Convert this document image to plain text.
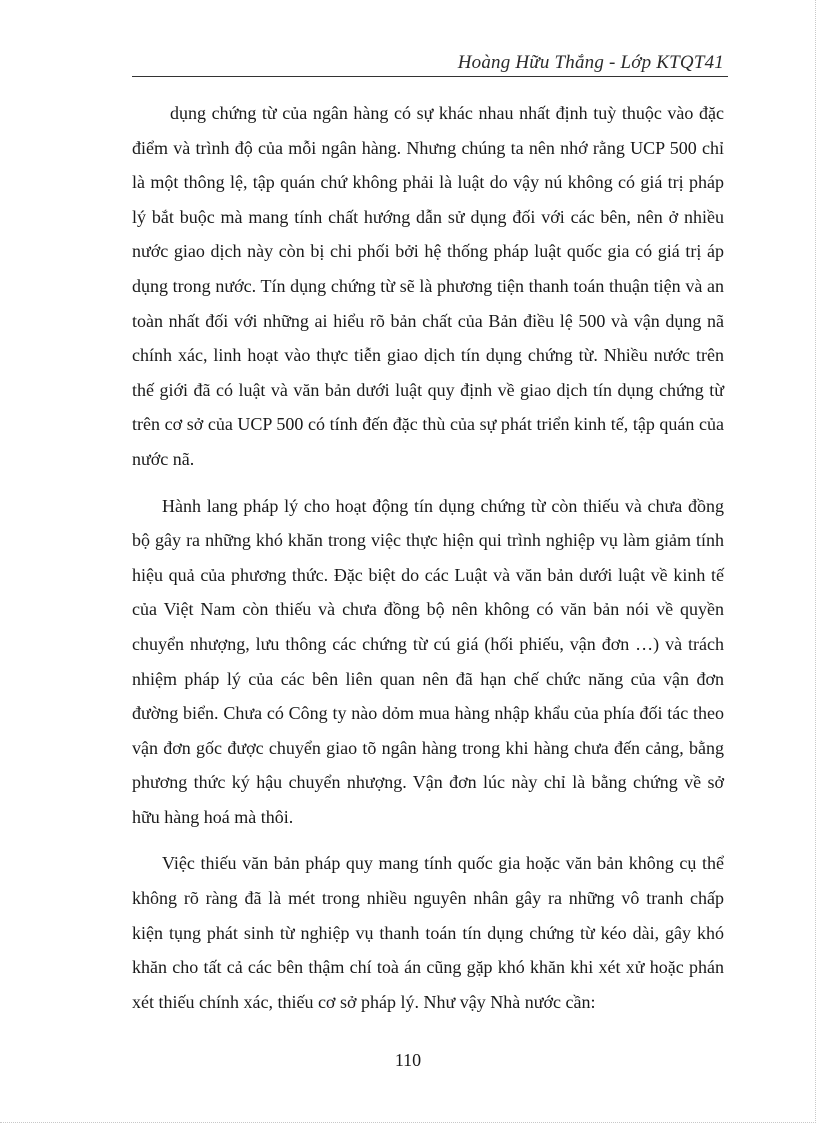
Hoàng Hữu Thắng - Lớp KTQT41

dụng chứng từ của ngân hàng có sự khác nhau nhất định tuỳ thuộc vào đặc điểm và trình độ của mỗi ngân hàng. Nhưng chúng ta nên nhớ rằng UCP 500 chỉ là một thông lệ, tập quán chứ không phải là luật do vậy nú không có giá trị pháp lý bắt buộc mà mang tính chất hướng dẫn sử dụng đối với các bên, nên ở nhiều nước giao dịch này còn bị chi phối bởi hệ thống pháp luật quốc gia có giá trị áp dụng trong nước. Tín dụng chứng từ sẽ là phương tiện thanh toán thuận tiện và an toàn nhất đối với những ai hiểu rõ bản chất của Bản điều lệ 500 và vận dụng nã chính xác, linh hoạt vào thực tiễn giao dịch tín dụng chứng từ. Nhiều nước trên thế giới đã có luật và văn bản dưới luật quy định về giao dịch tín dụng chứng từ trên cơ sở của UCP 500 có tính đến đặc thù của sự phát triển kinh tế, tập quán của nước nã.

Hành lang pháp lý cho hoạt động tín dụng chứng từ còn thiếu và chưa đồng bộ gây ra những khó khăn trong việc thực hiện qui trình nghiệp vụ làm giảm tính hiệu quả của phương thức. Đặc biệt do các Luật và văn bản dưới luật về kinh tế của Việt Nam còn thiếu và chưa đồng bộ nên không có văn bản nói về quyền chuyển nhượng, lưu thông các chứng từ cú giá (hối phiếu, vận đơn …) và trách nhiệm pháp lý của các bên liên quan nên đã hạn chế chức năng của vận đơn đường biển. Chưa có Công ty nào dỏm mua hàng nhập khẩu của phía đối tác theo vận đơn gốc được chuyển giao tõ ngân hàng trong khi hàng chưa đến cảng, bằng phương thức ký hậu chuyển nhượng. Vận đơn lúc này chỉ là bằng chứng về sở hữu hàng hoá mà thôi.

Việc thiếu văn bản pháp quy mang tính quốc gia hoặc văn bản không cụ thể không rõ ràng đã là mét trong nhiều nguyên nhân gây ra những vô tranh chấp kiện tụng phát sinh từ nghiệp vụ thanh toán tín dụng chứng từ kéo dài, gây khó khăn cho tất cả các bên thậm chí toà án cũng gặp khó khăn khi xét xử hoặc phán xét thiếu chính xác, thiếu cơ sở pháp lý. Như vậy Nhà nước cần:

110
